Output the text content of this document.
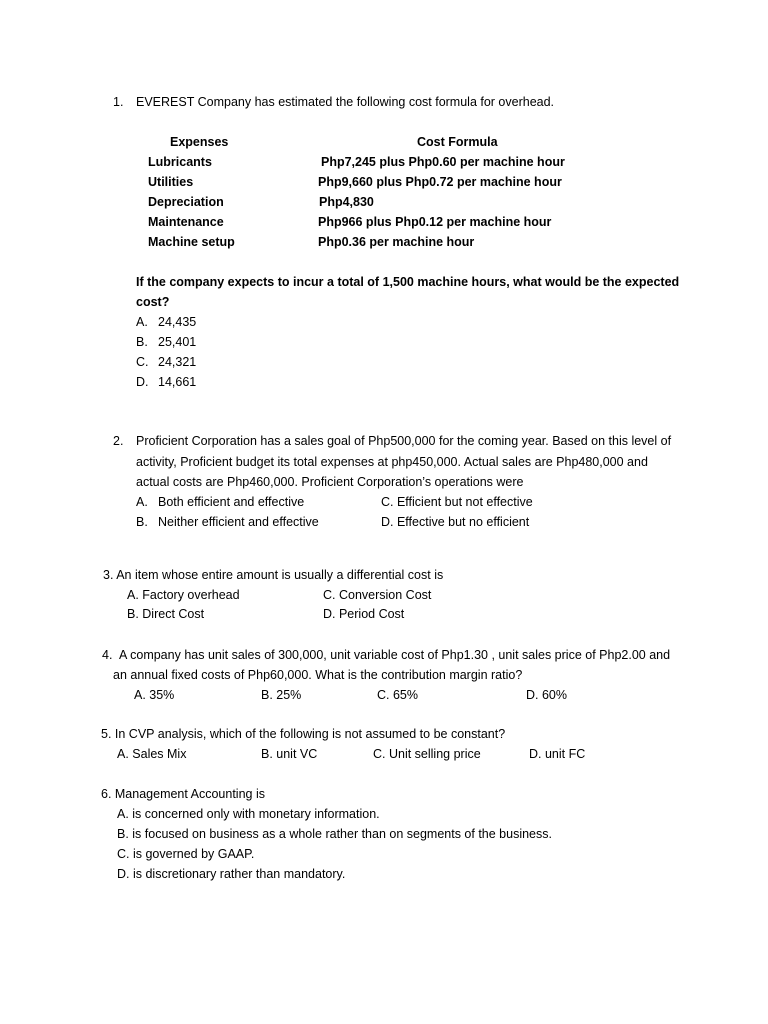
1. EVEREST Company has estimated the following cost formula for overhead.
Expenses	Cost Formula
Lubricants	Php7,245 plus Php0.60 per machine hour
Utilities	Php9,660 plus Php0.72 per machine hour
Depreciation	Php4,830
Maintenance	Php966 plus Php0.12 per machine hour
Machine setup	Php0.36 per machine hour
If the company expects to incur a total of 1,500 machine hours, what would be the expected
cost?
A. 24,435
B. 25,401
C. 24,321
D. 14,661
2. Proficient Corporation has a sales goal of Php500,000 for the coming year. Based on this level of
activity, Proficient budget its total expenses at php450,000. Actual sales are Php480,000 and
actual costs are Php460,000. Proficient Corporation’s operations were
A. Both efficient and effective	C. Efficient but not effective
B. Neither efficient and effective	D. Effective but no efficient
3. An item whose entire amount is usually a differential cost is
A. Factory overhead	C. Conversion Cost
B. Direct Cost	D. Period Cost
4. A company has unit sales of 300,000, unit variable cost of Php1.30 , unit sales price of Php2.00 and
an annual fixed costs of Php60,000. What is the contribution margin ratio?
A. 35%	B. 25%	C. 65%	D. 60%
5. In CVP analysis, which of the following is not assumed to be constant?
A. Sales Mix	B. unit VC	C. Unit selling price	D. unit FC
6. Management Accounting is
A. is concerned only with monetary information.
B. is focused on business as a whole rather than on segments of the business.
C. is governed by GAAP.
D. is discretionary rather than mandatory.
